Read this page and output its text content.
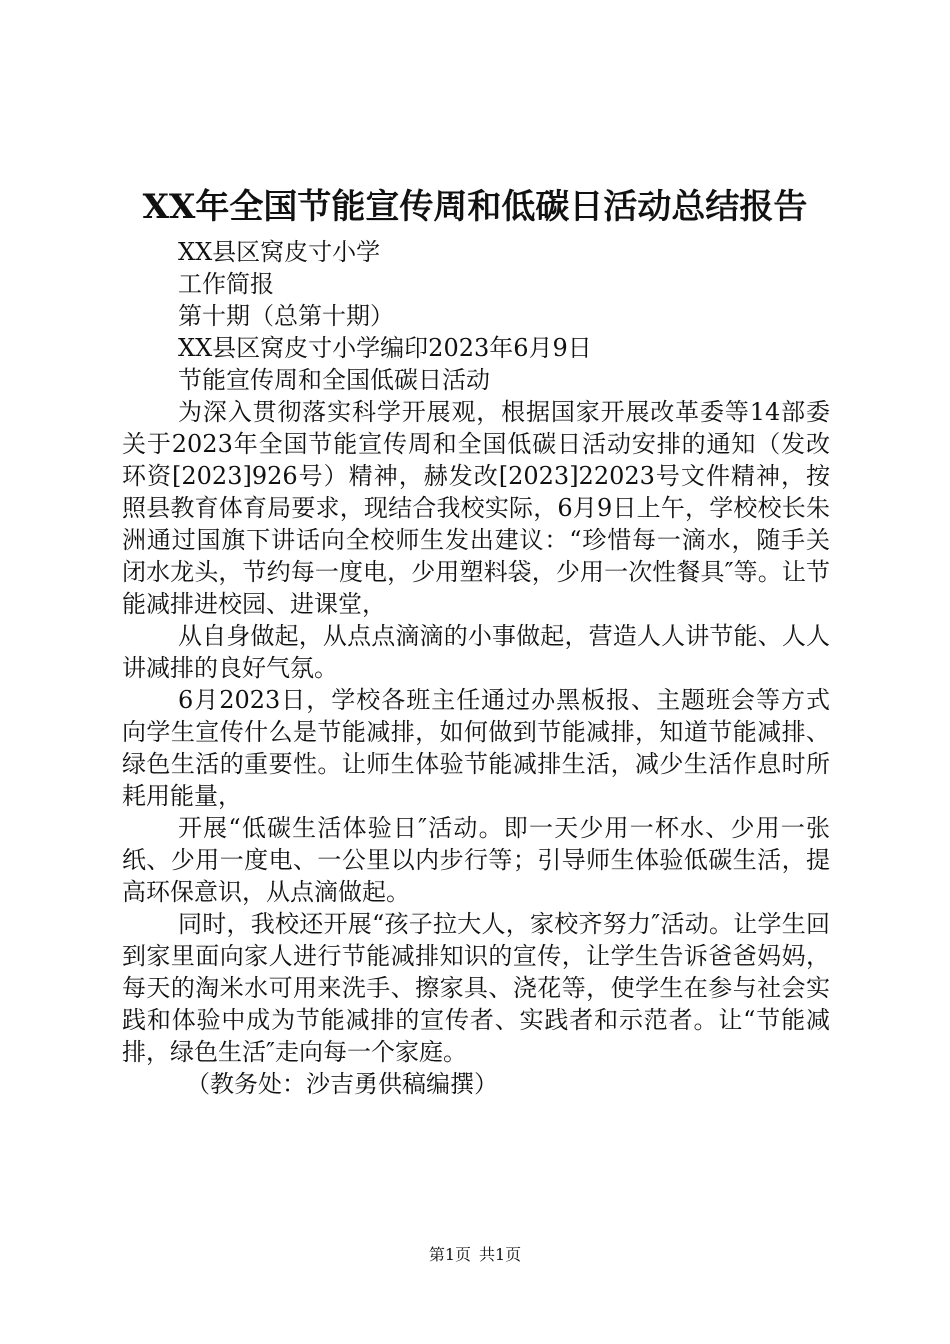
XX年全国节能宣传周和低碳日活动总结报告

XX县区窝皮寸小学

工作简报

第十期（总第十期）

XX县区窝皮寸小学编印2023年6月9日

节能宣传周和全国低碳日活动

为深入贯彻落实科学开展观，根据国家开展改革委等14部委关于2023年全国节能宣传周和全国低碳日活动安排的通知（发改环资[2023]926号）精神，赫发改[2023]22023号文件精神，按照县教育体育局要求，现结合我校实际，6月9日上午，学校校长朱洲通过国旗下讲话向全校师生发出建议：“珍惜每一滴水，随手关闭水龙头，节约每一度电，少用塑料袋，少用一次性餐具″等。让节能减排进校园、进课堂，

从自身做起，从点点滴滴的小事做起，营造人人讲节能、人人讲减排的良好气氛。

6月2023日，学校各班主任通过办黑板报、主题班会等方式向学生宣传什么是节能减排，如何做到节能减排，知道节能减排、绿色生活的重要性。让师生体验节能减排生活，减少生活作息时所耗用能量，

开展“低碳生活体验日″活动。即一天少用一杯水、少用一张纸、少用一度电、一公里以内步行等；引导师生体验低碳生活，提高环保意识，从点滴做起。

同时，我校还开展“孩子拉大人，家校齐努力″活动。让学生回到家里面向家人进行节能减排知识的宣传，让学生告诉爸爸妈妈，每天的淘米水可用来洗手、擦家具、浇花等，使学生在参与社会实践和体验中成为节能减排的宣传者、实践者和示范者。让“节能减排，绿色生活″走向每一个家庭。

（教务处：沙吉勇供稿编撰）

第1页 共1页
